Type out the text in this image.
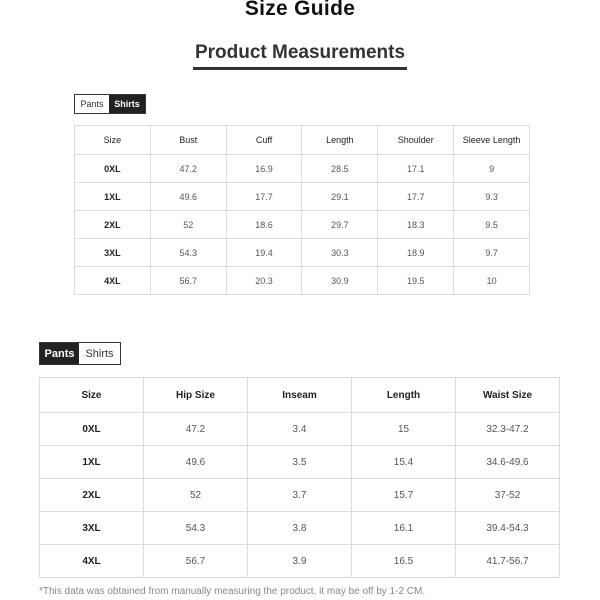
Size Guide
Product Measurements
Pants	Shirts
Size	Bust	Cuff	Length	Shoulder	Sleeve Length
0XL	47.2	16.9	28.5	17.1	9
1XL	49.6	17.7	29.1	17.7	9.3
2XL	52	18.6	29.7	18.3	9.5
3XL	54.3	19.4	30.3	18.9	9.7
4XL	56.7	20.3	30.9	19.5	10
Pants Shirts
Size	Hip Size	Inseam	Length	Waist Size
0XL	47.2	3.4	15	32.3-47.2
1XL	49.6	3.5	15.4	34.6-49.6
2XL	52	3.7	15.7	37-52
3XL	54.3	3.8	16.1	39.4-54.3
4XL	56.7	3.9	16.5	41.7-56.7
*This data was obtained from manually measuring the product, it may be off by 1-2 CM.
